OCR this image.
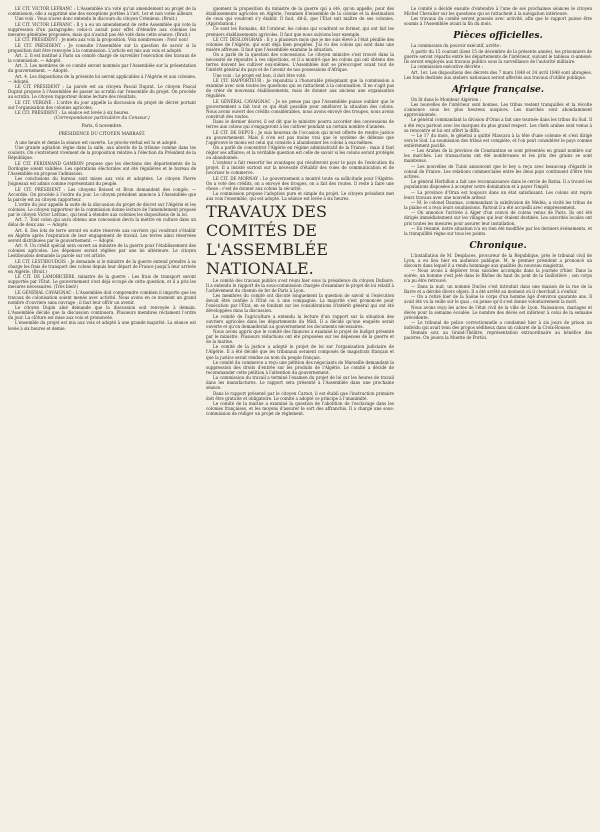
LE CIT. VICTOR LEFRANC : L'Assemblée n'a voté qu'un amendement au projet de la commission; elle a supprimé une des exceptions portées à l'art. 1er et non votée ailleurs.

Une voix : Vous n'avez donc entendu le discours du citoyen Crémieux. (Bruit.)

LE CIT. VICTOR LEFRANC : Il y a eu un amendement de cette Assemblée qui vote la suppression d'un paragraphe; celui-ci aurait pour effet d'étendre aux colonies les mesures générales proposées, mais qui n'aurait pas été voté dans cette séance. (Bruit.)

LE CIT. PRÉSIDENT : Je mets aux voix la proposition. Voix nombreuses : Non! non!

LE CIT. PRÉSIDENT : Je consulte l'Assemblée sur la question de savoir si la proposition doit être renvoyée à la commission. L'article est mis aux voix et adopté.

Art. 2. Il est institué à Paris un comité chargé de surveiller l'exécution des travaux de la commission. — Adopté.

Art. 3. Les membres de ce comité seront nommés par l'Assemblée sur la présentation du gouvernement. — Adopté.

Art. 4. Les dispositions de la présente loi seront applicables à l'Algérie et aux colonies. — Adopté.

LE CIT. PRÉSIDENT : La parole est au citoyen Pascal Duprat. Le citoyen Pascal Duprat propose à l'Assemblée de passer au scrutin sur l'ensemble du projet. On procède au scrutin. Le citoyen rapporteur donne lecture des résultats.

LE CIT. VERGNE : L'ordre du jour appelle la discussion du projet de décret portant sur l'organisation des colonies agricoles.

LE CIT. PRÉSIDENT : La séance est levée à six heures.

(Correspondance particulière du Censeur.)
Paris, 6 novembre.
PRÉSIDENCE DU CITOYEN MARRAST.

A une heure et demie la séance est ouverte. Le procès-verbal est lu et adopté.

Une grande agitation règne dans la salle, aux abords de la tribune comme dans les couloirs. On s'entretient vivement de la proposition relative à l'élection du Président de la République.

LE CIT. FERDINAND GAMBON propose que les élections des départements de la Dordogne soient validées. Les opérations électorales ont été régulières et le bureau de l'Assemblée en propose l'admission.

Les conclusions du bureau sont mises aux voix et adoptées. Le citoyen Pierre Joigneaux est admis comme représentant du peuple.

LE CIT. PRÉSIDENT : Les citoyens Boissel et Brun demandent des congés. — Accordés. On procède à l'ordre du jour. Le citoyen président annonce à l'Assemblée que la parole est au citoyen rapporteur.

L'ordre du jour appelle la suite de la discussion du projet de décret sur l'Algérie et les colonies. Le citoyen rapporteur de la commission donne lecture de l'amendement proposé par le citoyen Victor Lefranc, qui tend à étendre aux colonies les dispositions de la loi.

Art. 7. Tout colon qui aura obtenu une concession devra la mettre en culture dans un délai de deux ans. — Adopté.

Art. 8. Des lots de terre seront en outre réservés aux ouvriers qui voudront s'établir en Algérie après l'expiration de leur engagement de travail. Les terres ainsi réservées seront distribuées par le gouvernement. — Adopté.

Art. 9. Un crédit spécial sera ouvert au ministre de la guerre pour l'établissement des colonies agricoles. Les dépenses seront réglées par une loi ultérieure. Le citoyen Lestiboudois demande la parole sur cet article.

LE CIT. LESTIBOUDOIS : Je demande si le ministre de la guerre entend prendre à sa charge les frais de transport des colons depuis leur départ de France jusqu'à leur arrivée en Algérie. (Bruit.)

LE CIT. DE LAMORICIÈRE, ministre de la guerre : Les frais de transport seront supportés par l'État. Le gouvernement s'est déjà occupé de cette question, et il a pris les mesures nécessaires. (Très bien!)

LE GÉNÉRAL CAVAIGNAC : L'Assemblée doit comprendre combien il importe que les travaux de colonisation soient menés avec activité. Nous avons en ce moment un grand nombre d'ouvriers sans ouvrage ; il faut leur offrir un avenir.

Le citoyen Dupin aîné demande que la discussion soit renvoyée à demain. L'Assemblée décide que la discussion continuera. Plusieurs membres réclament l'ordre du jour. La clôture est mise aux voix et prononcée.

L'ensemble du projet est mis aux voix et adopté à une grande majorité. La séance est levée à six heures et demie.

quement la proposition du ministre de la guerre qui a été, qu'on appelle, pour des établissements agricoles en Algérie, l'examen d'ensemble de la colonie et la destination de ceux qui voudront s'y établir. Il faut, dit-il, que l'État soit maître de ses colonies. (Approbation.)

Ce sont les Romains, dit l'orateur, les colons qui voudront se former, qui ont fait les premiers établissements agricoles. Il faut que nous suivions leur exemple.

LE CIT. DESLONGRAIS : Il y a plusieurs mois que je me suis élevé à l'état pénible des colonies de l'Algérie, qui sont déjà bien peuplées. J'ai vu des colons qui sont dans une misère affreuse. Il faut que l'Assemblée examine la situation.

On a parlé de la question des concessions. Le citoyen ministre s'est trouvé dans la nécessité de répondre à ces objections, et il a montré que les colons qui ont obtenu des terres doivent les cultiver eux-mêmes. L'Assemblée doit se préoccuper avant tout de l'intérêt général du pays et de l'avenir de nos possessions d'Afrique.

Une voix : Le projet est bon, il doit être voté.

LE CIT. RAPPORTEUR : Je répondrai à l'honorable préopinant que la commission a examiné avec soin toutes les questions qui se rattachent à la colonisation. Il ne s'agit pas de créer de nouveaux établissements, mais de donner aux anciens une organisation régulière.

LE GÉNÉRAL CAVAIGNAC : Je ne pense pas que l'Assemblée puisse oublier que le gouvernement a fait tout ce qui était possible pour améliorer la situation des colons. Nous avons ouvert des crédits considérables, nous avons envoyé des troupes, nous avons construit des routes.

Dans le dernier décret, il est dit que le ministre pourra accorder des concessions de terres aux colons qui s'engageront à les cultiver pendant un certain nombre d'années.

LE CIT. DE DEPUS : Je suis heureux de l'occasion qui m'est offerte de rendre justice au gouvernement. Mais il n'en est pas moins vrai que le système de défense que j'approuve le moins est celui qui consiste à abandonner les colons à eux-mêmes.

On a parlé de concentrer l'Algérie en régime administratif de la France ; mais il faut régler ses affaires; et la véritable question est celle de savoir si les colons seront protégés ou abandonnés.

L'orateur a fait ressortir les avantages qui résulteront pour le pays de l'exécution du projet. Il a insisté surtout sur la nécessité d'établir des voies de communication et de favoriser le commerce.

LE CIT. DE MORNAY : Le gouvernement a montré toute sa sollicitude pour l'Algérie. On a voté des crédits, on a envoyé des troupes, on a fait des routes. Il reste à faire une chose : c'est de donner aux colons la sécurité.

La commission propose l'adoption pure et simple du projet. Le citoyen président met aux voix l'ensemble, qui est adopté. La séance est levée à six heures.

TRAVAUX DES COMITÉS DE L'ASSEMBLÉE NATIONALE.

Le comité des travaux publics s'est réuni hier sous la présidence du citoyen Dufaure. Il a entendu le rapport de la sous-commission chargée d'examiner le projet de loi relatif à l'achèvement du chemin de fer de Paris à Lyon.

Les membres du comité ont discuté longuement la question de savoir si l'exécution devait être confiée à l'État ou à une compagnie. La majorité s'est prononcée pour l'exécution par l'État, en se fondant sur les considérations d'intérêt général qui ont été développées dans la discussion.

Le comité de l'agriculture a entendu la lecture d'un rapport sur la situation des ouvriers agricoles dans les départements du Midi. Il a décidé qu'une enquête serait ouverte et qu'on demanderait au gouvernement les documents nécessaires.

Nous avons appris que le comité des finances a examiné le projet de budget présenté par le ministre. Plusieurs réductions ont été proposées sur les dépenses de la guerre et de la marine.

Le comité de la justice a adopté le projet de loi sur l'organisation judiciaire de l'Algérie. Il a été décidé que les tribunaux seraient composés de magistrats français et que la justice serait rendue au nom du peuple français.

Le comité du commerce a reçu une pétition des négociants de Marseille demandant la suppression des droits d'entrée sur les produits de l'Algérie. Le comité a décidé de recommander cette pétition à l'attention du gouvernement.

La commission du travail a terminé l'examen du projet de loi sur les heures de travail dans les manufactures. Le rapport sera présenté à l'Assemblée dans une prochaine séance.

Dans le rapport présenté par le citoyen Carnot, il est établi que l'instruction primaire doit être gratuite et obligatoire. Le comité a adopté ce principe à l'unanimité.

Le comité de la marine a examiné la question de l'abolition de l'esclavage dans les colonies françaises, et les moyens d'assurer le sort des affranchis. Il a chargé une sous-commission de rédiger un projet de règlement.

Le comité a décidé ensuite d'entendre à l'une de ses prochaines séances le citoyen Michel Chevalier sur les questions qui se rattachent à la navigation intérieure.

Les travaux du comité seront poussés avec activité, afin que le rapport puisse être soumis à l'Assemblée avant la fin du mois.

Pièces officielles.

La commission du pouvoir exécutif, arrête :

A partir du 15 courant (lisez 15 de décembre de la présente année), les prisonniers de guerre seront répartis entre les départements de l'intérieur, suivant le tableau ci-annexé. Ils seront employés aux travaux publics sous la surveillance de l'autorité militaire.

La commission exécutive décrète :

Art. 1er. Les dispositions des décrets des 7 mars 1848 et 24 avril 1848 sont abrogées. Les fonds destinés aux ateliers nationaux seront affectés aux travaux d'utilité publique.

Afrique française.

On lit dans le Moniteur Algérien :

Les nouvelles de l'intérieur sont bonnes. Les tribus restent tranquilles et la récolte s'annonce sous les plus heureux auspices. Les marchés sont abondamment approvisionnés.

Le général commandant la division d'Oran a fait une tournée dans les tribus du Sud. Il a été reçu partout avec les marques du plus grand respect. Les chefs arabes sont venus à sa rencontre et lui ont offert la diffa.

— Le 17 du mois, le général a quitté Mascara à la tête d'une colonne et s'est dirigé vers le Sud. La soumission des tribus est complète, et l'on peut considérer le pays comme entièrement pacifié.

— Les Arabes de la province de Constantine se sont présentés en grand nombre sur les marchés. Les transactions ont été nombreuses et les prix des grains se sont maintenus.

— Les nouvelles de Tunis annoncent que le bey a reçu avec beaucoup d'égards le consul de France. Les relations commerciales entre les deux pays continuent d'être très actives.

Le général Herbillon a fait une reconnaissance dans le cercle de Batna. Il a trouvé les populations disposées à accepter notre domination et à payer l'impôt.

— La province d'Oran est toujours dans un état satisfaisant. Les colons ont repris leurs travaux avec une nouvelle ardeur.

— M. le colonel Daumas, commandant la subdivision de Médéa, a visité les tribus de la plaine et a reçu leurs soumissions. Partout il a été accueilli avec empressement.

— On annonce l'arrivée à Alger d'un convoi de colons venus de Paris. Ils ont été dirigés immédiatement sur les villages qui leur étaient destinés. Les autorités locales ont pris toutes les mesures pour assurer leur installation.

— En résumé, notre situation n'a en rien été modifiée par les derniers événements, et la tranquillité règne sur tous les points.

Chronique.

L'installation de M. Desplaces, procureur de la République, près le tribunal civil de Lyon, a eu lieu hier en audience publique. M. le premier président a prononcé un discours dans lequel il a rendu hommage aux qualités du nouveau magistrat.

— Nous avons à déplorer trois suicides accomplis dans la journée d'hier. Dans la soirée, un homme s'est jeté dans le Rhône du haut du pont de la Guillotière ; son corps n'a pu être retrouvé.

— Dans la nuit, un nommé Duclos s'est introduit dans une maison de la rue de la Barre et a dérobé divers objets. Il a été arrêté au moment où il cherchait à s'enfuir.

— On a retiré hier de la Saône le corps d'un homme âgé d'environ quarante ans. Il avait été vu la veille sur le quai ; on pense qu'il s'est donné volontairement la mort.

Nous avons reçu les actes de l'état civil de la ville de Lyon. Naissances, mariages et décès pour la semaine écoulée. Le nombre des décès est inférieur à celui de la semaine précédente.

— Le tribunal de police correctionnelle a condamné hier à six jours de prison un individu qui avait tenu des propos séditieux dans un cabaret de la Croix-Rousse.

Demain soir, au Grand-Théâtre, représentation extraordinaire au bénéfice des pauvres. On jouera la Muette de Portici.
